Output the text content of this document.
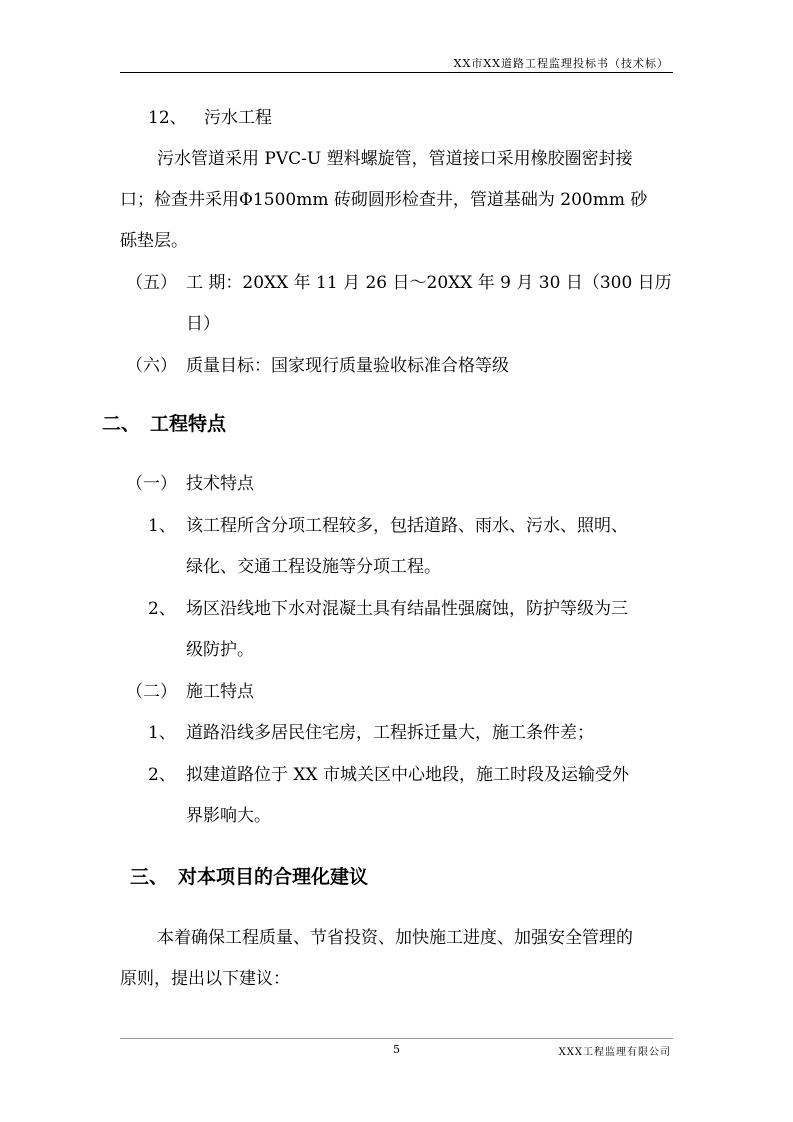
XX市XX道路工程监理投标书（技术标）
12、 污水工程
污水管道采用 PVC-U 塑料螺旋管，管道接口采用橡胶圈密封接
口；检查井采用Φ1500mm 砖砌圆形检查井，管道基础为 200mm 砂
砾垫层。
（五） 工 期：20XX 年 11 月 26 日～20XX 年 9 月 30 日（300 日历
日）
（六） 质量目标：国家现行质量验收标准合格等级
二、 工程特点
（一） 技术特点
1、 该工程所含分项工程较多，包括道路、雨水、污水、照明、
绿化、交通工程设施等分项工程。
2、 场区沿线地下水对混凝土具有结晶性强腐蚀，防护等级为三
级防护。
（二） 施工特点
1、 道路沿线多居民住宅房，工程拆迁量大，施工条件差；
2、 拟建道路位于 XX 市城关区中心地段，施工时段及运输受外
界影响大。
三、 对本项目的合理化建议
本着确保工程质量、节省投资、加快施工进度、加强安全管理的
原则，提出以下建议：
5	XXX工程监理有限公司
